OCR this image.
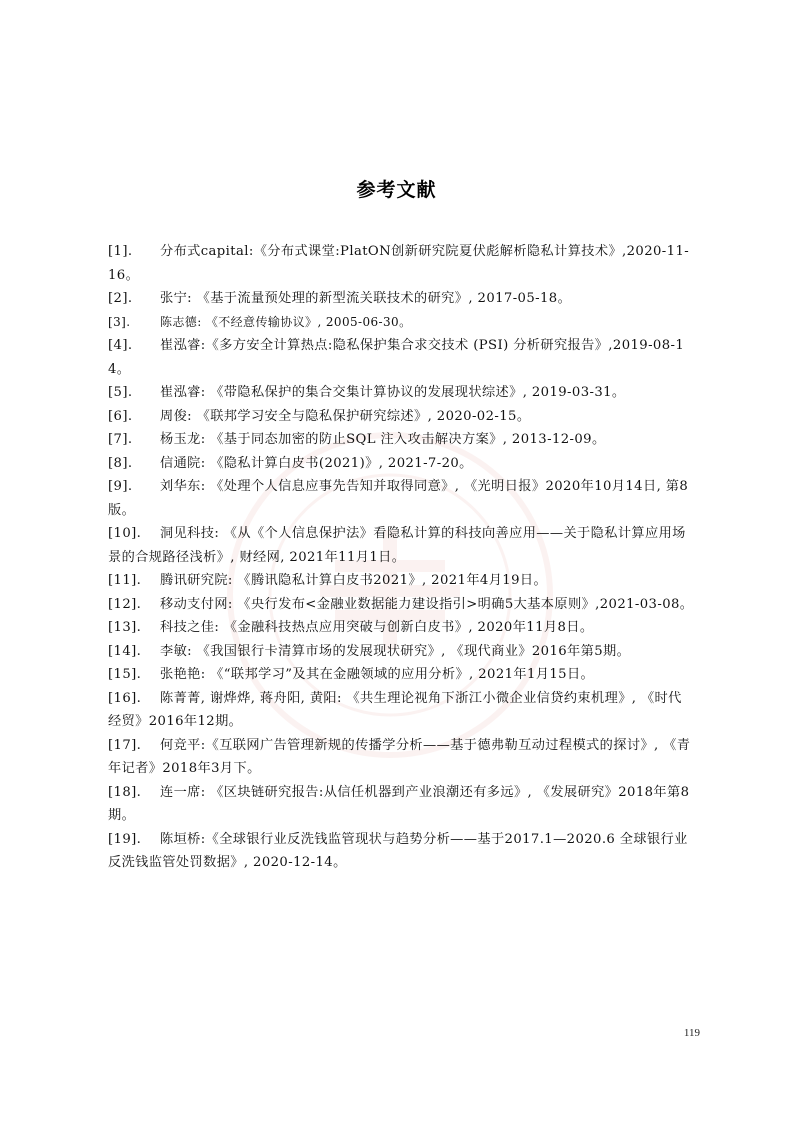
参考文献

[1]. 分布式capital:《分布式课堂:PlatON创新研究院夏伏彪解析隐私计算技术》,2020-11-16。

[2]. 张宁: 《基于流量预处理的新型流关联技术的研究》, 2017-05-18。

[3]. 陈志德: 《不经意传输协议》, 2005-06-30。

[4]. 崔泓睿:《多方安全计算热点:隐私保护集合求交技术 (PSI) 分析研究报告》,2019-08-14。

[5]. 崔泓睿: 《带隐私保护的集合交集计算协议的发展现状综述》, 2019-03-31。

[6]. 周俊: 《联邦学习安全与隐私保护研究综述》, 2020-02-15。

[7]. 杨玉龙: 《基于同态加密的防止SQL 注入攻击解决方案》, 2013-12-09。

[8]. 信通院: 《隐私计算白皮书(2021)》, 2021-7-20。

[9]. 刘华东: 《处理个人信息应事先告知并取得同意》, 《光明日报》2020年10月14日, 第8版。

[10]. 洞见科技: 《从《个人信息保护法》看隐私计算的科技向善应用——关于隐私计算应用场景的合规路径浅析》, 财经网, 2021年11月1日。

[11]. 腾讯研究院: 《腾讯隐私计算白皮书2021》, 2021年4月19日。

[12]. 移动支付网: 《央行发布<金融业数据能力建设指引>明确5大基本原则》,2021-03-08。

[13]. 科技之佳: 《金融科技热点应用突破与创新白皮书》, 2020年11月8日。

[14]. 李敏: 《我国银行卡清算市场的发展现状研究》, 《现代商业》2016年第5期。

[15]. 张艳艳: 《“联邦学习”及其在金融领域的应用分析》, 2021年1月15日。

[16]. 陈菁菁, 谢烨烨, 蒋舟阳, 黄阳: 《共生理论视角下浙江小微企业信贷约束机理》, 《时代经贸》2016年12期。

[17]. 何竞平:《互联网广告管理新规的传播学分析——基于德弗勒互动过程模式的探讨》, 《青年记者》2018年3月下。

[18]. 连一席: 《区块链研究报告:从信任机器到产业浪潮还有多远》, 《发展研究》2018年第8期。

[19]. 陈垣桥:《全球银行业反洗钱监管现状与趋势分析——基于2017.1—2020.6 全球银行业反洗钱监管处罚数据》, 2020-12-14。

119
